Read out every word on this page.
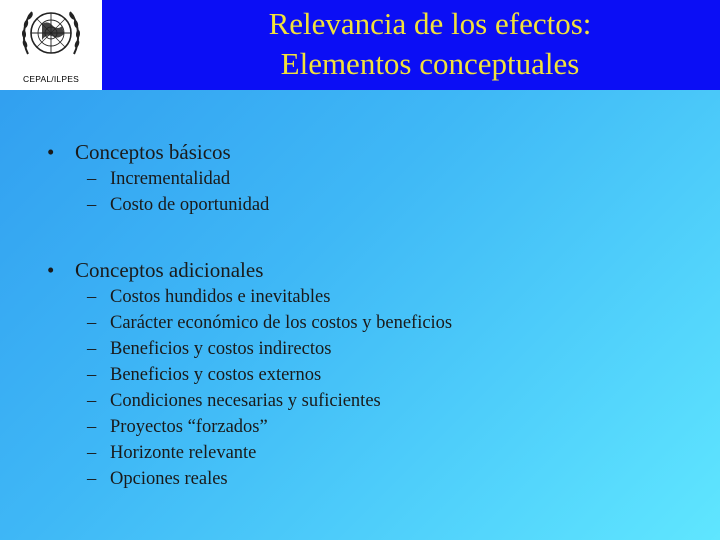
CEPAL/ILPES
Relevancia de los efectos:
Elementos conceptuales
• Conceptos básicos
– Incrementalidad
– Costo de oportunidad
• Conceptos adicionales
– Costos hundidos e inevitables
– Carácter económico de los costos y beneficios
– Beneficios y costos indirectos
– Beneficios y costos externos
– Condiciones necesarias y suficientes
– Proyectos “forzados”
– Horizonte relevante
– Opciones reales
